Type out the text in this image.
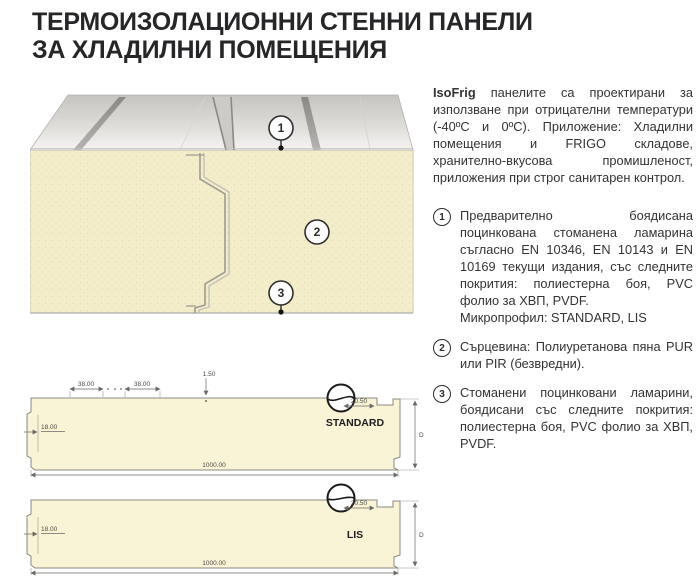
ТЕРМОИЗОЛАЦИОННИ СТЕННИ ПАНЕЛИ
ЗА ХЛАДИЛНИ ПОМЕЩЕНИЯ
1
2
3
38.00	38.00
1.50
18.00
20.50
STANDARD
1000.00
D
20.50
18.00	LIS
1000.00
D

IsoFrig панелите са проектирани за използване при отрицателни температури (-40ºС и 0ºС). Приложение: Хладилни помещения и FRIGO складове, хранително-вкусова промишленост, приложения при строг санитарен контрол.

1	Предварително боядисана поцинкована стоманена ламарина съгласно EN 10346, EN 10143 и EN 10169 текущи издания, със следните покрития: полиестерна боя, PVC фолио за ХВП, PVDF.
Микропрофил: STANDARD, LIS
2	Сърцевина: Полиуретанова пяна PUR или PIR (безвредни).
3	Стоманени поцинковани ламарини, боядисани със следните покрития: полиестерна боя, PVC фолио за ХВП, PVDF.
